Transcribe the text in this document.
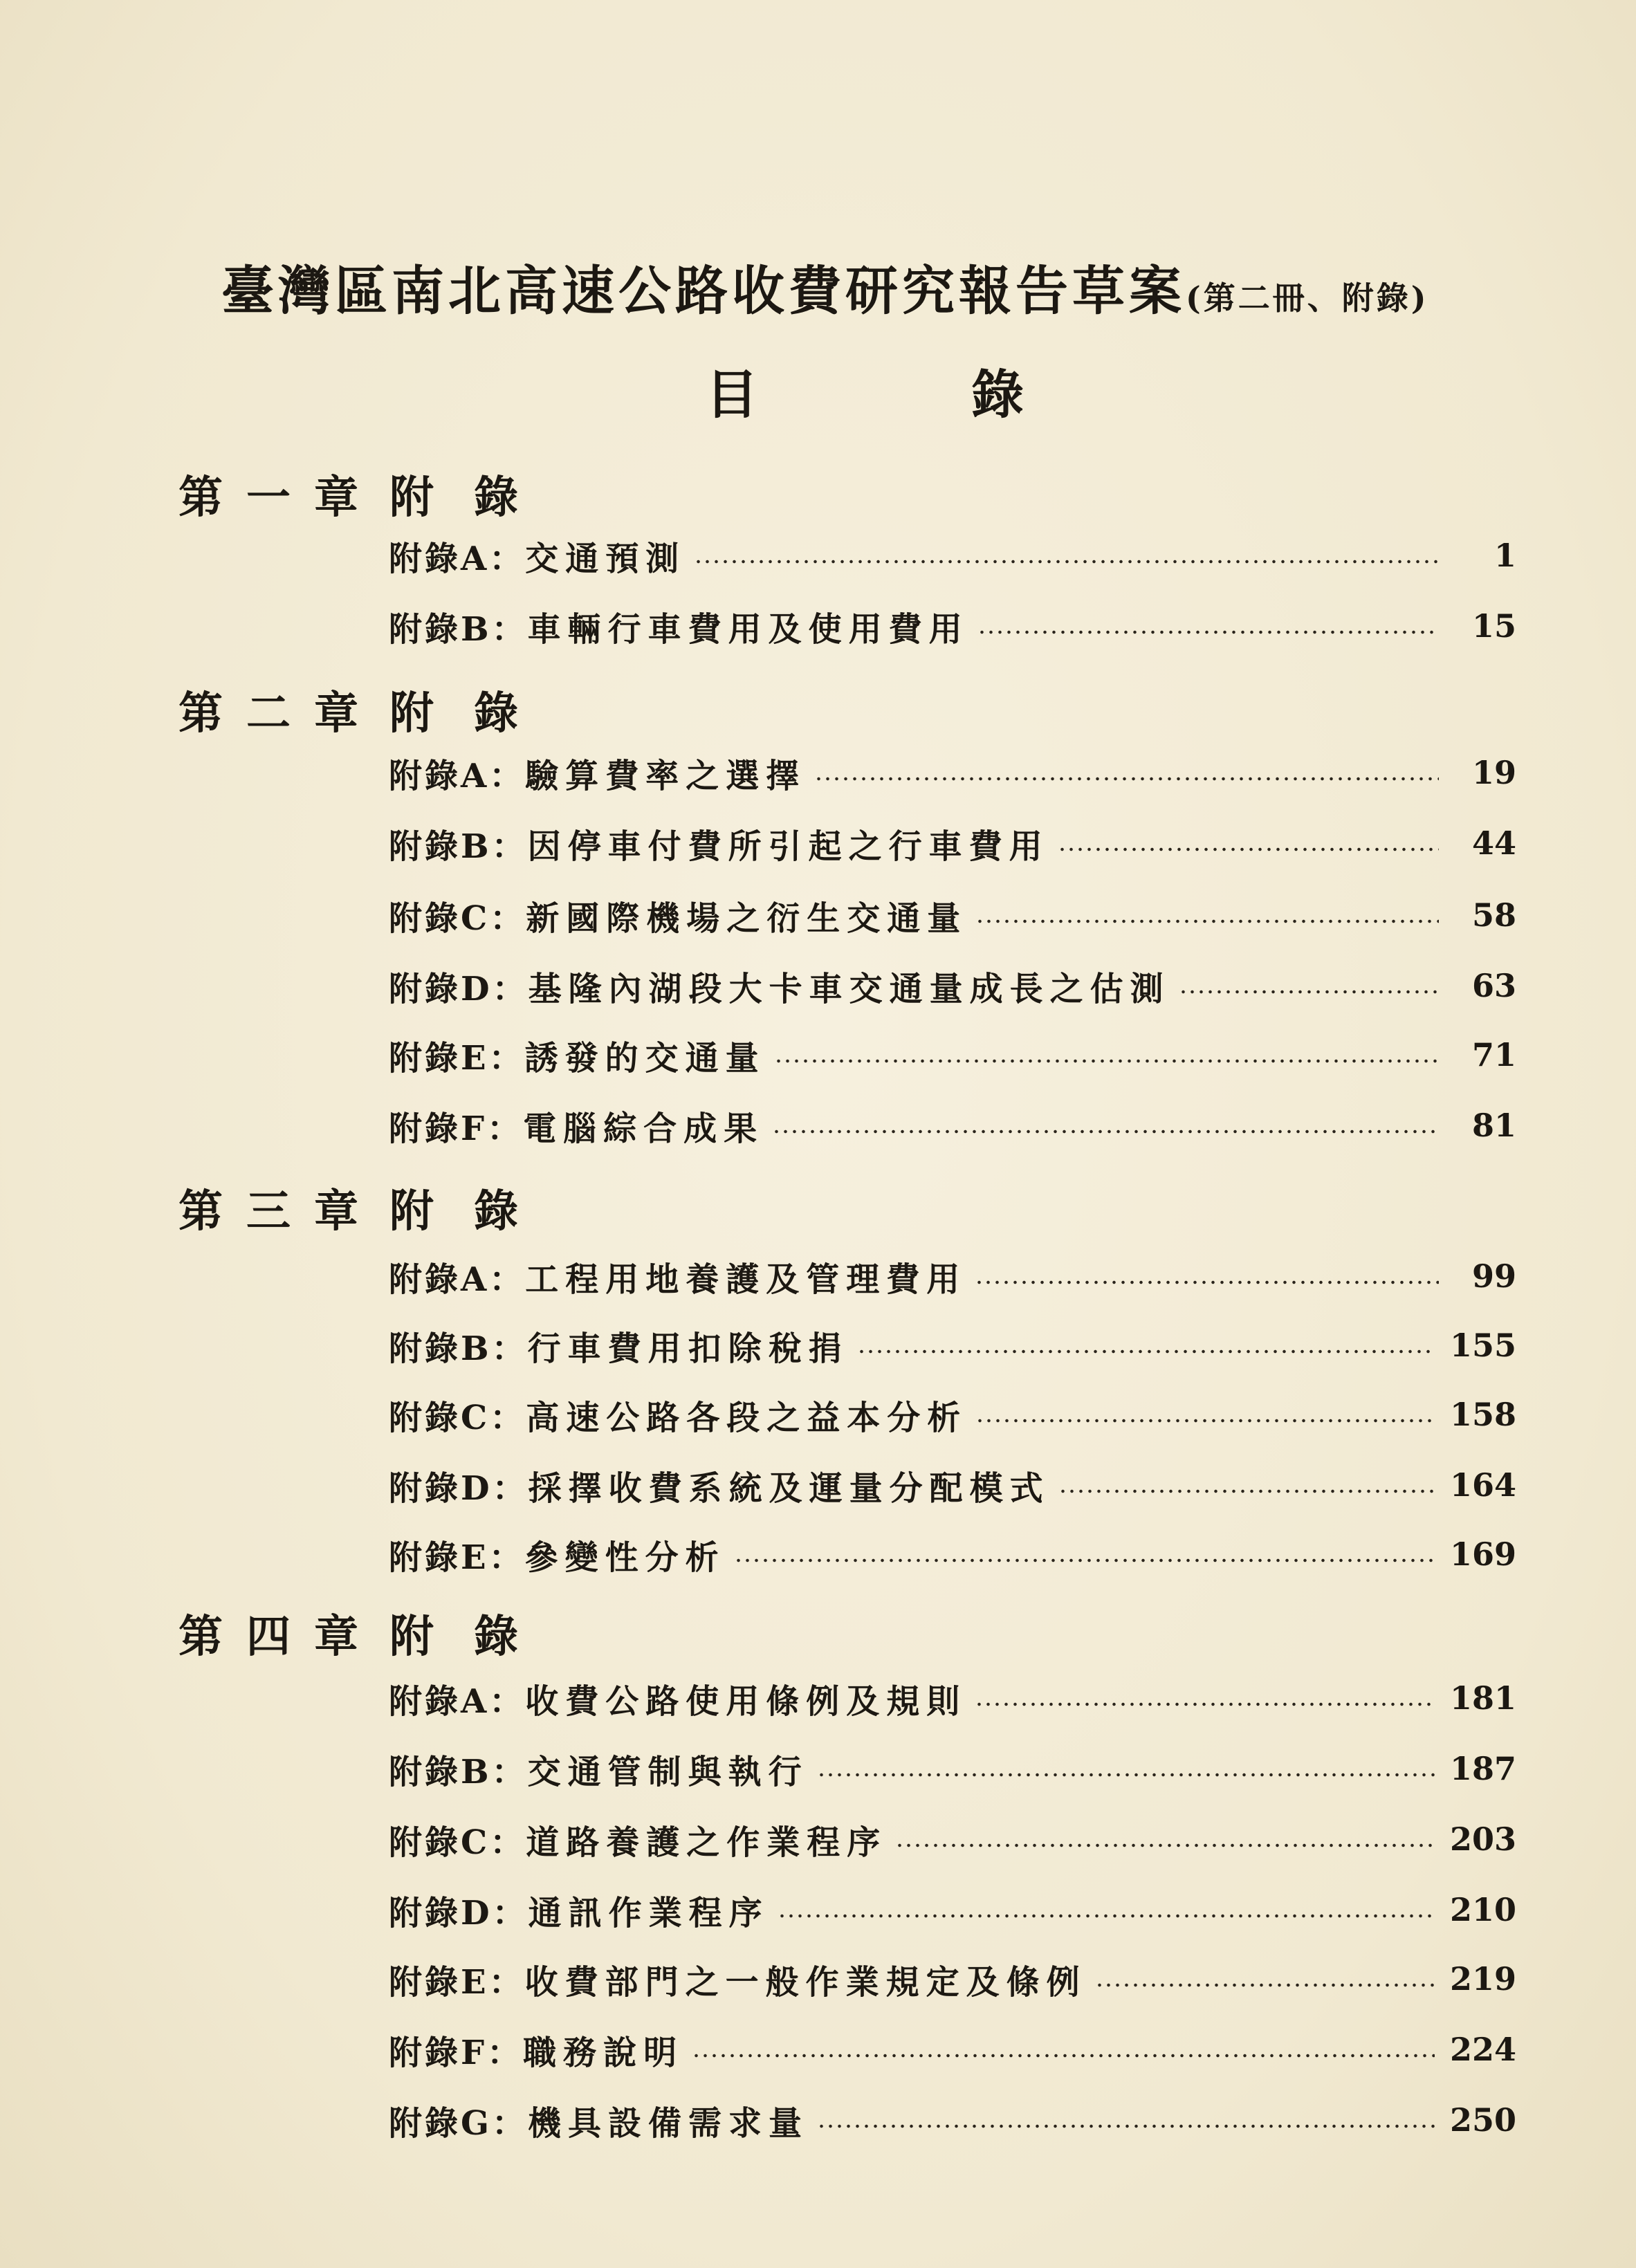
臺灣區南北高速公路收費研究報告草案(第二冊、附錄)
目	錄
第一章 附錄
附錄A： 交通預測	1
附錄B： 車輛行車費用及使用費用	15
第二章 附錄
附錄A： 驗算費率之選擇	19
附錄B： 因停車付費所引起之行車費用	44
附錄C： 新國際機場之衍生交通量	58
附錄D： 基隆內湖段大卡車交通量成長之估測	63
附錄E： 誘發的交通量	71
附錄F： 電腦綜合成果	81
第三章 附錄
附錄A： 工程用地養護及管理費用	99
附錄B： 行車費用扣除稅捐	155
附錄C： 高速公路各段之益本分析	158
附錄D： 採擇收費系統及運量分配模式	164
附錄E： 參變性分析	169
第四章 附錄
附錄A： 收費公路使用條例及規則	181
附錄B： 交通管制與執行	187
附錄C： 道路養護之作業程序	203
附錄D： 通訊作業程序	210
附錄E： 收費部門之一般作業規定及條例	219
附錄F： 職務說明	224
附錄G： 機具設備需求量	250
